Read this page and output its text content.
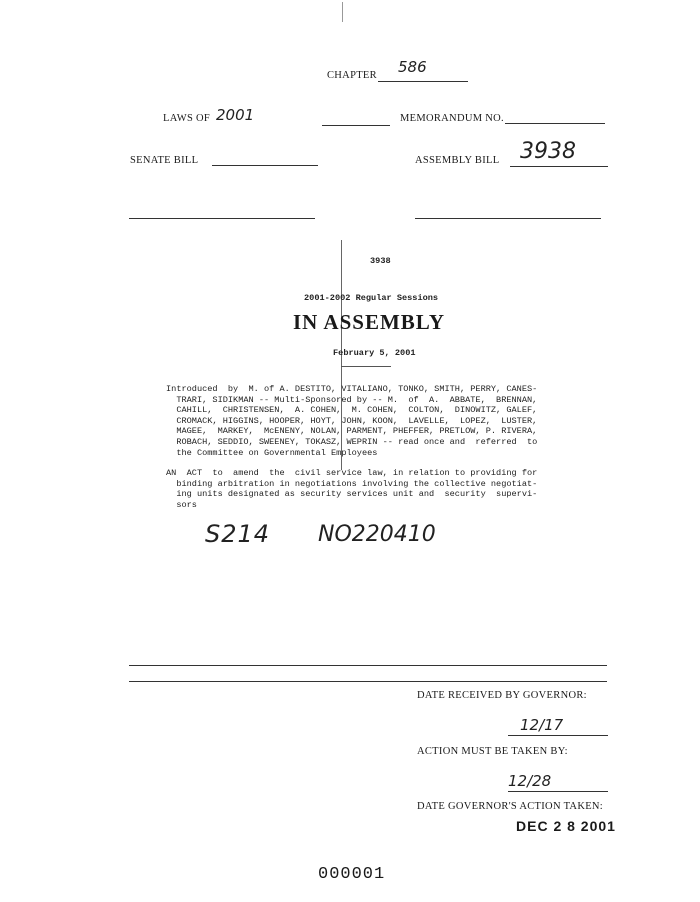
CHAPTER 586
LAWS OF 2001	MEMORANDUM NO.
SENATE BILL	ASSEMBLY BILL 3938
3938
2001-2002 Regular Sessions
IN ASSEMBLY
February 5, 2001
Introduced  by  M. of A. DESTITO, VITALIANO, TONKO, SMITH, PERRY, CANES-
TRARI, SIDIKMAN -- Multi-Sponsored by -- M.  of  A.  ABBATE,  BRENNAN,
CAHILL,  CHRISTENSEN,  A. COHEN,  M. COHEN,  COLTON,  DINOWITZ, GALEF,
CROMACK, HIGGINS, HOOPER, HOYT, JOHN, KOON,  LAVELLE,  LOPEZ,  LUSTER,
MAGEE,  MARKEY,  McENENY, NOLAN, PARMENT, PHEFFER, PRETLOW, P. RIVERA,
ROBACH, SEDDIO, SWEENEY, TOKASZ, WEPRIN -- read once and  referred  to
the Committee on Governmental Employees
AN  ACT  to  amend  the  civil service law, in relation to providing for
binding arbitration in negotiations involving the collective negotiat-
ing units designated as security services unit and  security  supervi-
sors
S214 NO220410
DATE RECEIVED BY GOVERNOR:
12/17
ACTION MUST BE TAKEN BY:
12/28
DATE GOVERNOR'S ACTION TAKEN:
DEC 2 8 2001
000001
